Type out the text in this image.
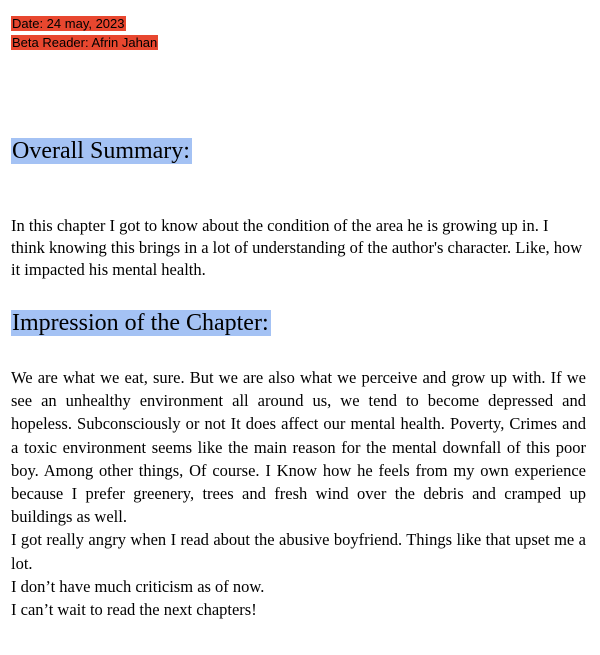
Date: 24 may, 2023
Beta Reader: Afrin Jahan
Overall Summary:

In this chapter I got to know about the condition of the area he is growing up in. I think knowing this brings in a lot of understanding of the author's character. Like, how it impacted his mental health.

Impression of the Chapter:
We are what we eat, sure. But we are also what we perceive and grow up with. If we see an unhealthy environment all around us, we tend to become depressed and hopeless. Subconsciously or not It does affect our mental health. Poverty, Crimes and a toxic environment seems like the main reason for the mental downfall of this poor boy. Among other things, Of course. I Know how he feels from my own experience because I prefer greenery, trees and fresh wind over the debris and cramped up buildings as well.
I got really angry when I read about the abusive boyfriend. Things like that upset me a lot.
I don’t have much criticism as of now.
I can’t wait to read the next chapters!
